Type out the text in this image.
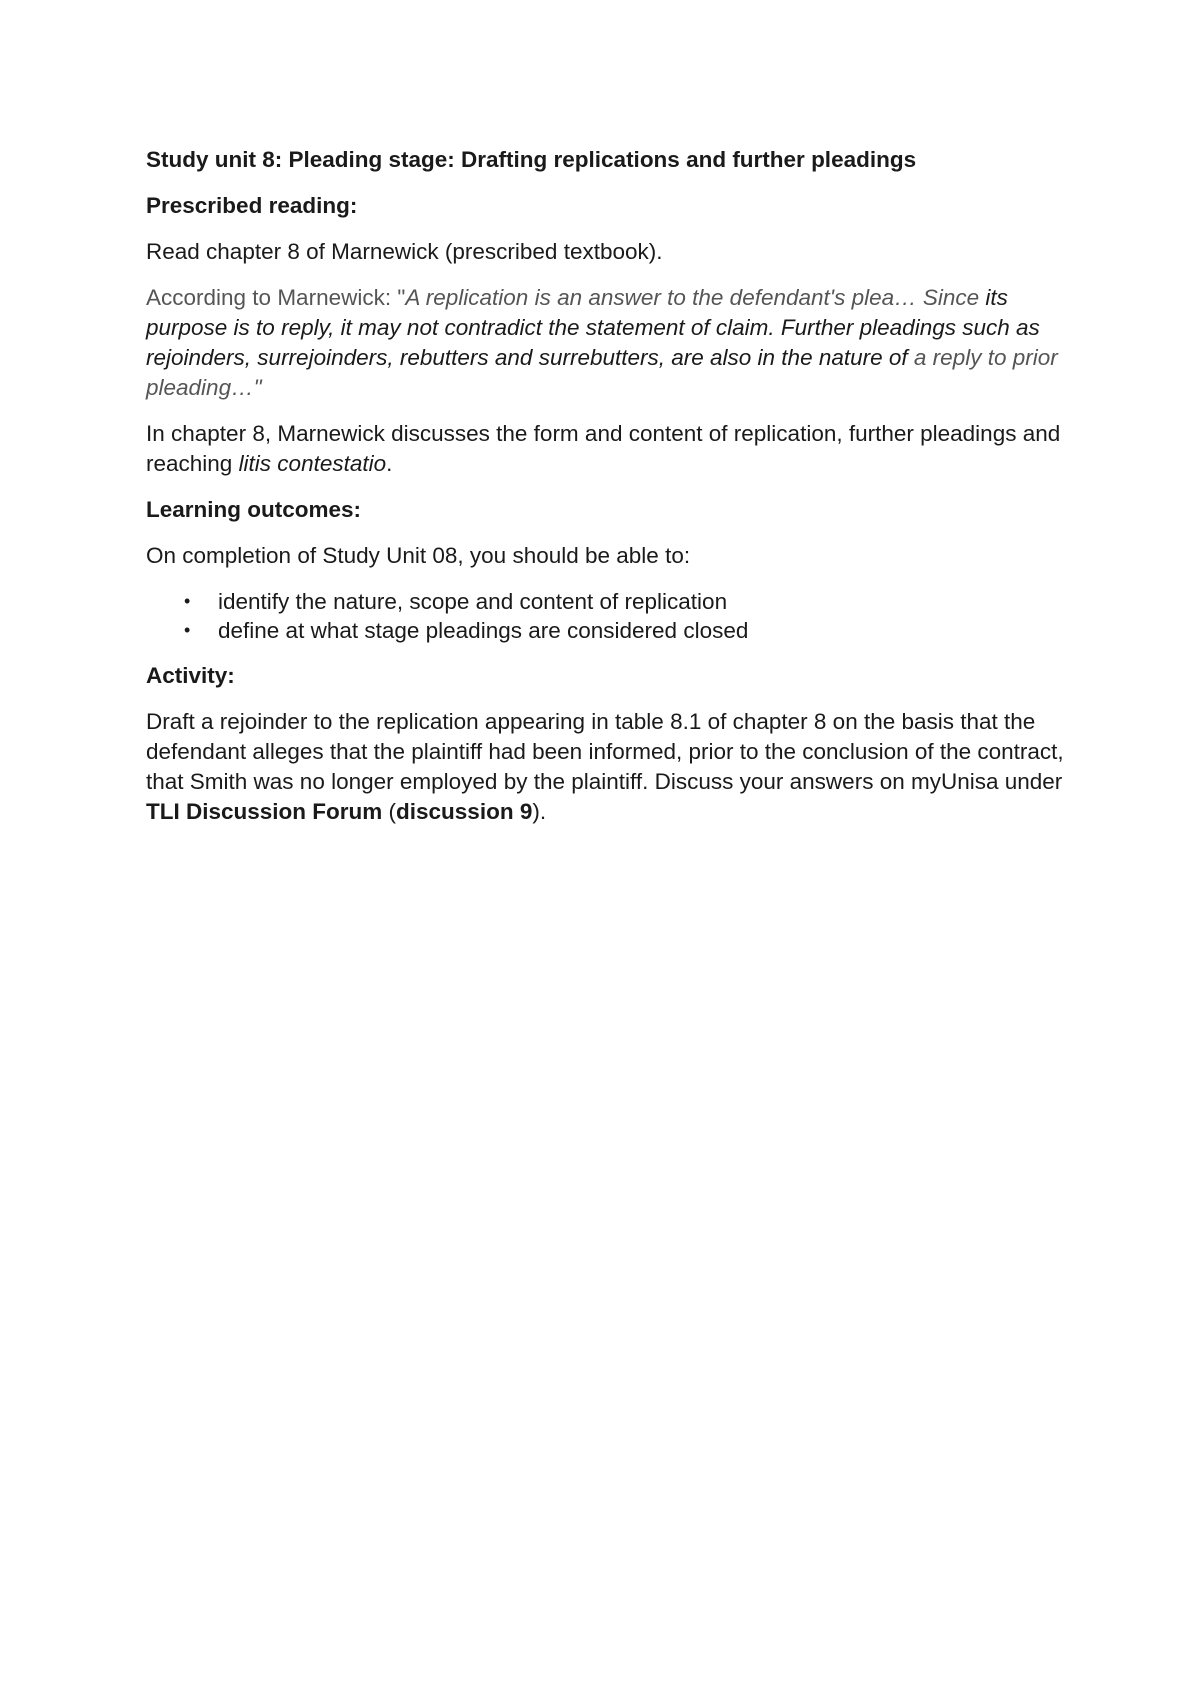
Study unit 8: Pleading stage: Drafting replications and further pleadings
Prescribed reading:
Read chapter 8 of Marnewick (prescribed textbook).
According to Marnewick: "A replication is an answer to the defendant's plea… Since its purpose is to reply, it may not contradict the statement of claim. Further pleadings such as rejoinders, surrejoinders, rebutters and surrebutters, are also in the nature of a reply to prior pleading…"
In chapter 8, Marnewick discusses the form and content of replication, further pleadings and reaching litis contestatio.
Learning outcomes:
On completion of Study Unit 08, you should be able to:
• identify the nature, scope and content of replication
• define at what stage pleadings are considered closed
Activity:
Draft a rejoinder to the replication appearing in table 8.1 of chapter 8 on the basis that the defendant alleges that the plaintiff had been informed, prior to the conclusion of the contract, that Smith was no longer employed by the plaintiff. Discuss your answers on myUnisa under TLI Discussion Forum (discussion 9).
